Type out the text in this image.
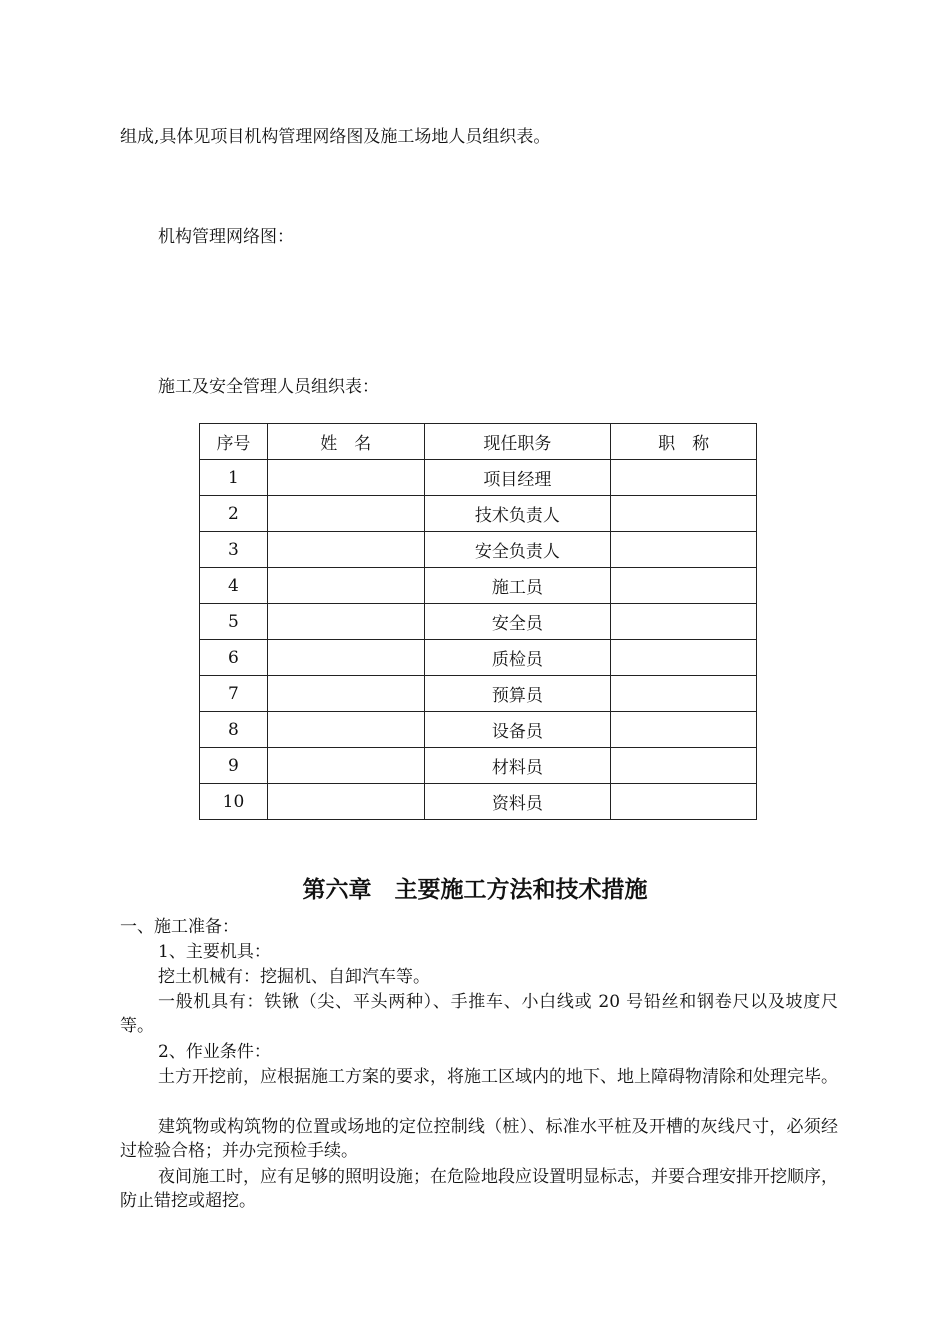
组成,具体见项目机构管理网络图及施工场地人员组织表。
机构管理网络图：
施工及安全管理人员组织表：
序号	姓　名	现任职务	职　称
1		项目经理	
2		技术负责人	
3		安全负责人	
4		施工员	
5		安全员	
6		质检员	
7		预算员	
8		设备员	
9		材料员	
10		资料员	
第六章　主要施工方法和技术措施
一、施工准备：
1、主要机具：
挖土机械有：挖掘机、自卸汽车等。
一般机具有：铁锹（尖、平头两种）、手推车、小白线或 20 号铅丝和钢卷尺以及坡度尺等。
2、作业条件：
土方开挖前，应根据施工方案的要求，将施工区域内的地下、地上障碍物清除和处理完毕。
建筑物或构筑物的位置或场地的定位控制线（桩）、标准水平桩及开槽的灰线尺寸，必须经过检验合格；并办完预检手续。
夜间施工时，应有足够的照明设施；在危险地段应设置明显标志，并要合理安排开挖顺序，防止错挖或超挖。
